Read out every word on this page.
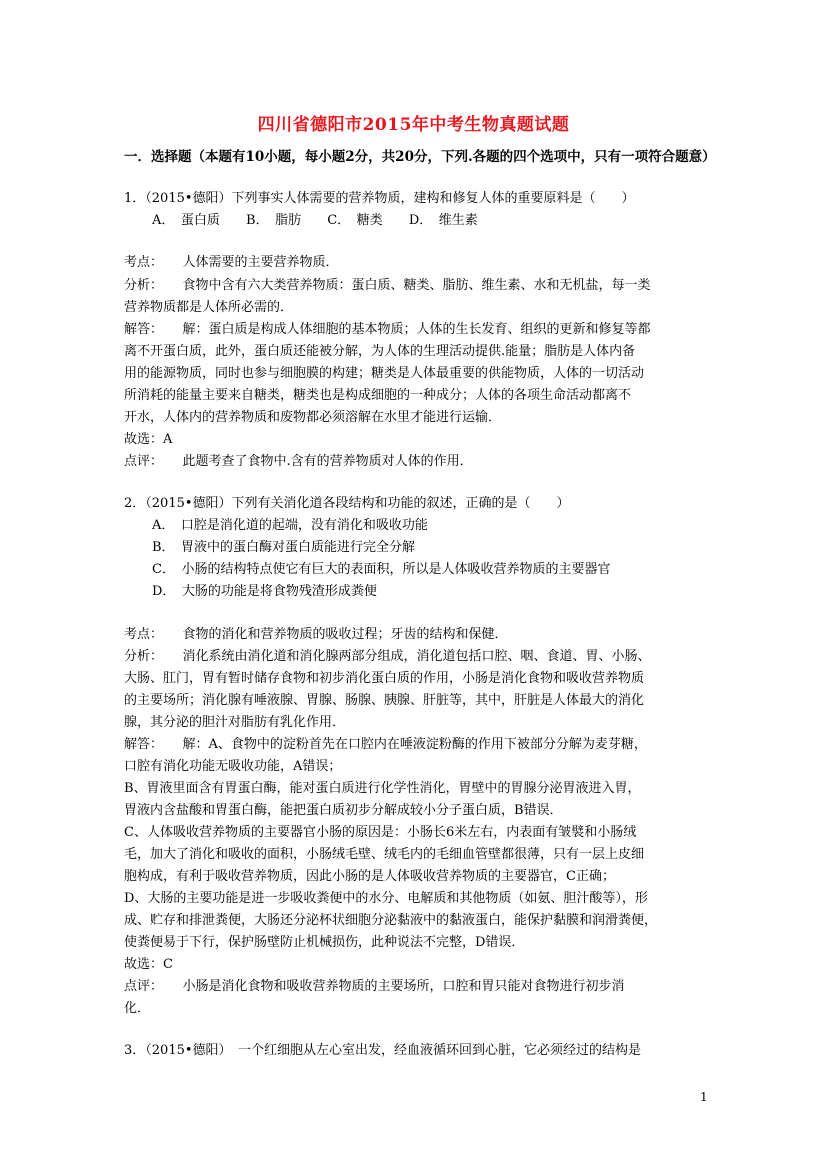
四川省德阳市2015年中考生物真题试题
一．选择题（本题有10小题，每小题2分，共20分，下列.各题的四个选项中，只有一项符合题意）
1．（2015•德阳）下列事实人体需要的营养物质，建构和修复人体的重要原料是（　　）
A．　蛋白质 B．　脂肪 C．　糖类 D．　维生素
考点：　　人体需要的主要营养物质．
分析：　　食物中含有六大类营养物质：蛋白质、糖类、脂肪、维生素、水和无机盐，每一类
营养物质都是人体所必需的．
解答：　　解：蛋白质是构成人体细胞的基本物质；人体的生长发育、组织的更新和修复等都
离不开蛋白质，此外，蛋白质还能被分解，为人体的生理活动提供.能量；脂肪是人体内备
用的能源物质，同时也参与细胞膜的构建；糖类是人体最重要的供能物质，人体的一切活动
所消耗的能量主要来自糖类，糖类也是构成细胞的一种成分；人体的各项生命活动都离不
开水，人体内的营养物质和废物都必须溶解在水里才能进行运输．
故选：A
点评：　　此题考查了食物中.含有的营养物质对人体的作用．
2．（2015•德阳）下列有关消化道各段结构和功能的叙述，正确的是（　　）
A．　口腔是消化道的起端，没有消化和吸收功能
B．　胃液中的蛋白酶对蛋白质能进行完全分解
C．　小肠的结构特点使它有巨大的表面积，所以是人体吸收营养物质的主要器官
D．　大肠的功能是将食物残渣形成粪便
考点：　　食物的消化和营养物质的吸收过程；牙齿的结构和保健．
分析：　　消化系统由消化道和消化腺两部分组成，消化道包括口腔、咽、食道、胃、小肠、
大肠、肛门，胃有暂时储存食物和初步消化蛋白质的作用，小肠是消化食物和吸收营养物质
的主要场所；消化腺有唾液腺、胃腺、肠腺、胰腺、肝脏等，其中，肝脏是人体最大的消化
腺，其分泌的胆汁对脂肪有乳化作用．
解答：　　解：A、食物中的淀粉首先在口腔内在唾液淀粉酶的作用下被部分分解为麦芽糖，
口腔有消化功能无吸收功能，A错误；
B、胃液里面含有胃蛋白酶，能对蛋白质进行化学性消化，胃壁中的胃腺分泌胃液进入胃，
胃液内含盐酸和胃蛋白酶，能把蛋白质初步分解成较小分子蛋白质，B错误．
C、人体吸收营养物质的主要器官小肠的原因是：小肠长6米左右，内表面有皱襞和小肠绒
毛，加大了消化和吸收的面积，小肠绒毛壁、绒毛内的毛细血管壁都很薄，只有一层上皮细
胞构成，有利于吸收营养物质，因此小肠的是人体吸收营养物质的主要器官，C正确；
D、大肠的主要功能是进一步吸收粪便中的水分、电解质和其他物质（如氨、胆汁酸等），形
成、贮存和排泄粪便，大肠还分泌杯状细胞分泌黏液中的黏液蛋白，能保护黏膜和润滑粪便，
使粪便易于下行，保护肠壁防止机械损伤，此种说法不完整，D错误．
故选：C
点评：　　小肠是消化食物和吸收营养物质的主要场所，口腔和胃只能对食物进行初步消
化．
3．（2015•德阳）　一个红细胞从左心室出发，经血液循环回到心脏，它必须经过的结构是
1
